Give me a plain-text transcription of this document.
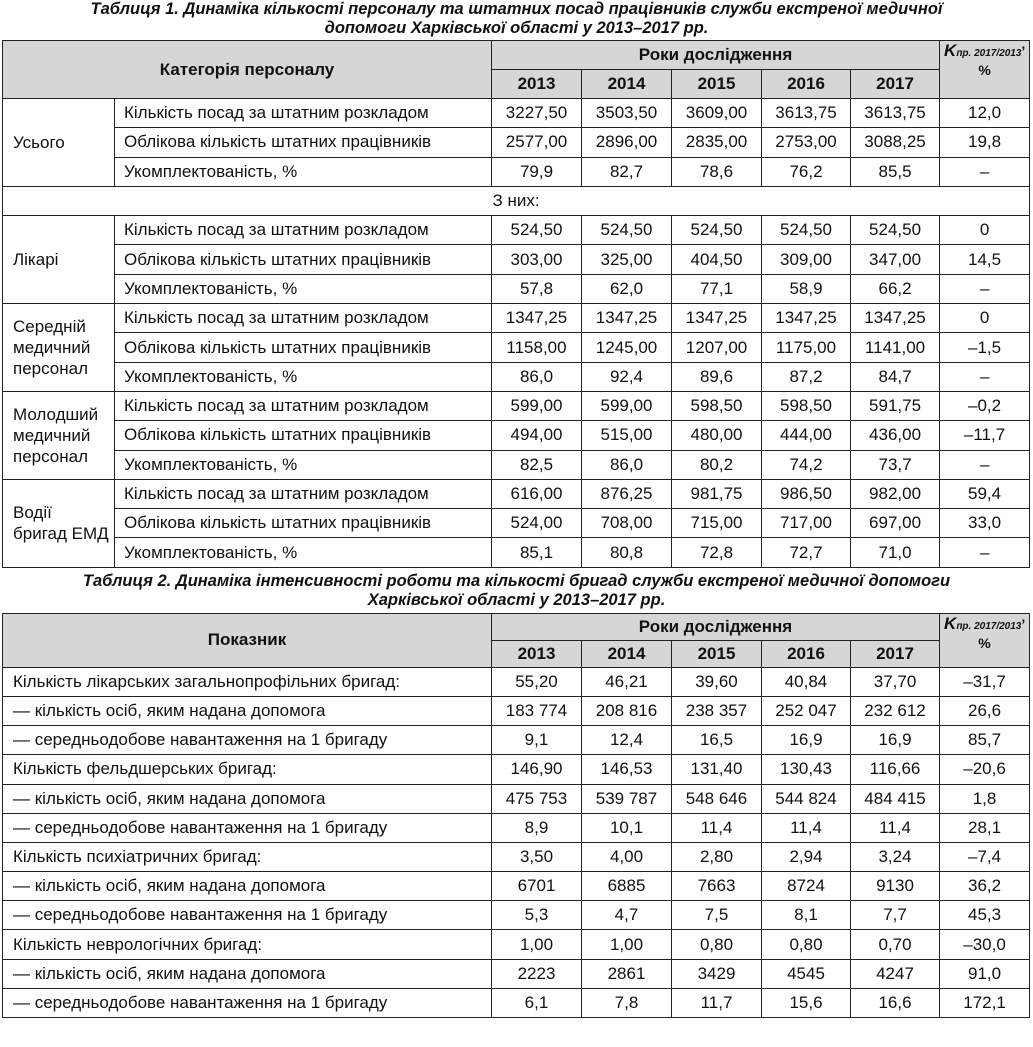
Таблиця 1. Динаміка кількості персоналу та штатних посад працівників служби екстреної медичної
допомоги Харківської області у 2013–2017 рр.
Категорія персоналу		Роки дослідження					Kпр. 2017/2013’
%
		2013	2014	2015	2016	2017	
Усього	Кількість посад за штатним розкладом	3227,50	3503,50	3609,00	3613,75	3613,75	12,0
	Облікова кількість штатних працівників	2577,00	2896,00	2835,00	2753,00	3088,25	19,8
	Укомплектованість, %	79,9	82,7	78,6	76,2	85,5	–
З них:							
Лікарі	Кількість посад за штатним розкладом	524,50	524,50	524,50	524,50	524,50	0
	Облікова кількість штатних працівників	303,00	325,00	404,50	309,00	347,00	14,5
	Укомплектованість, %	57,8	62,0	77,1	58,9	66,2	–
Середній медичний персонал	Кількість посад за штатним розкладом	1347,25	1347,25	1347,25	1347,25	1347,25	0
	Облікова кількість штатних працівників	1158,00	1245,00	1207,00	1175,00	1141,00	–1,5
	Укомплектованість, %	86,0	92,4	89,6	87,2	84,7	–
Молодший медичний персонал	Кількість посад за штатним розкладом	599,00	599,00	598,50	598,50	591,75	–0,2
	Облікова кількість штатних працівників	494,00	515,00	480,00	444,00	436,00	–11,7
	Укомплектованість, %	82,5	86,0	80,2	74,2	73,7	–
Водії бригад ЕМД	Кількість посад за штатним розкладом	616,00	876,25	981,75	986,50	982,00	59,4
	Облікова кількість штатних працівників	524,00	708,00	715,00	717,00	697,00	33,0
	Укомплектованість, %	85,1	80,8	72,8	72,7	71,0	–
Таблиця 2. Динаміка інтенсивності роботи та кількості бригад служби екстреної медичної допомоги
Харківської області у 2013–2017 рр.
Показник	Роки дослідження					Kпр. 2017/2013’
%
	2013	2014	2015	2016	2017	
Кількість лікарських загальнопрофільних бригад:	55,20	46,21	39,60	40,84	37,70	–31,7
— кількість осіб, яким надана допомога	183 774	208 816	238 357	252 047	232 612	26,6
— середньодобове навантаження на 1 бригаду	9,1	12,4	16,5	16,9	16,9	85,7
Кількість фельдшерських бригад:	146,90	146,53	131,40	130,43	116,66	–20,6
— кількість осіб, яким надана допомога	475 753	539 787	548 646	544 824	484 415	1,8
— середньодобове навантаження на 1 бригаду	8,9	10,1	11,4	11,4	11,4	28,1
Кількість психіатричних бригад:	3,50	4,00	2,80	2,94	3,24	–7,4
— кількість осіб, яким надана допомога	6701	6885	7663	8724	9130	36,2
— середньодобове навантаження на 1 бригаду	5,3	4,7	7,5	8,1	7,7	45,3
Кількість неврологічних бригад:	1,00	1,00	0,80	0,80	0,70	–30,0
— кількість осіб, яким надана допомога	2223	2861	3429	4545	4247	91,0
— середньодобове навантаження на 1 бригаду	6,1	7,8	11,7	15,6	16,6	172,1
